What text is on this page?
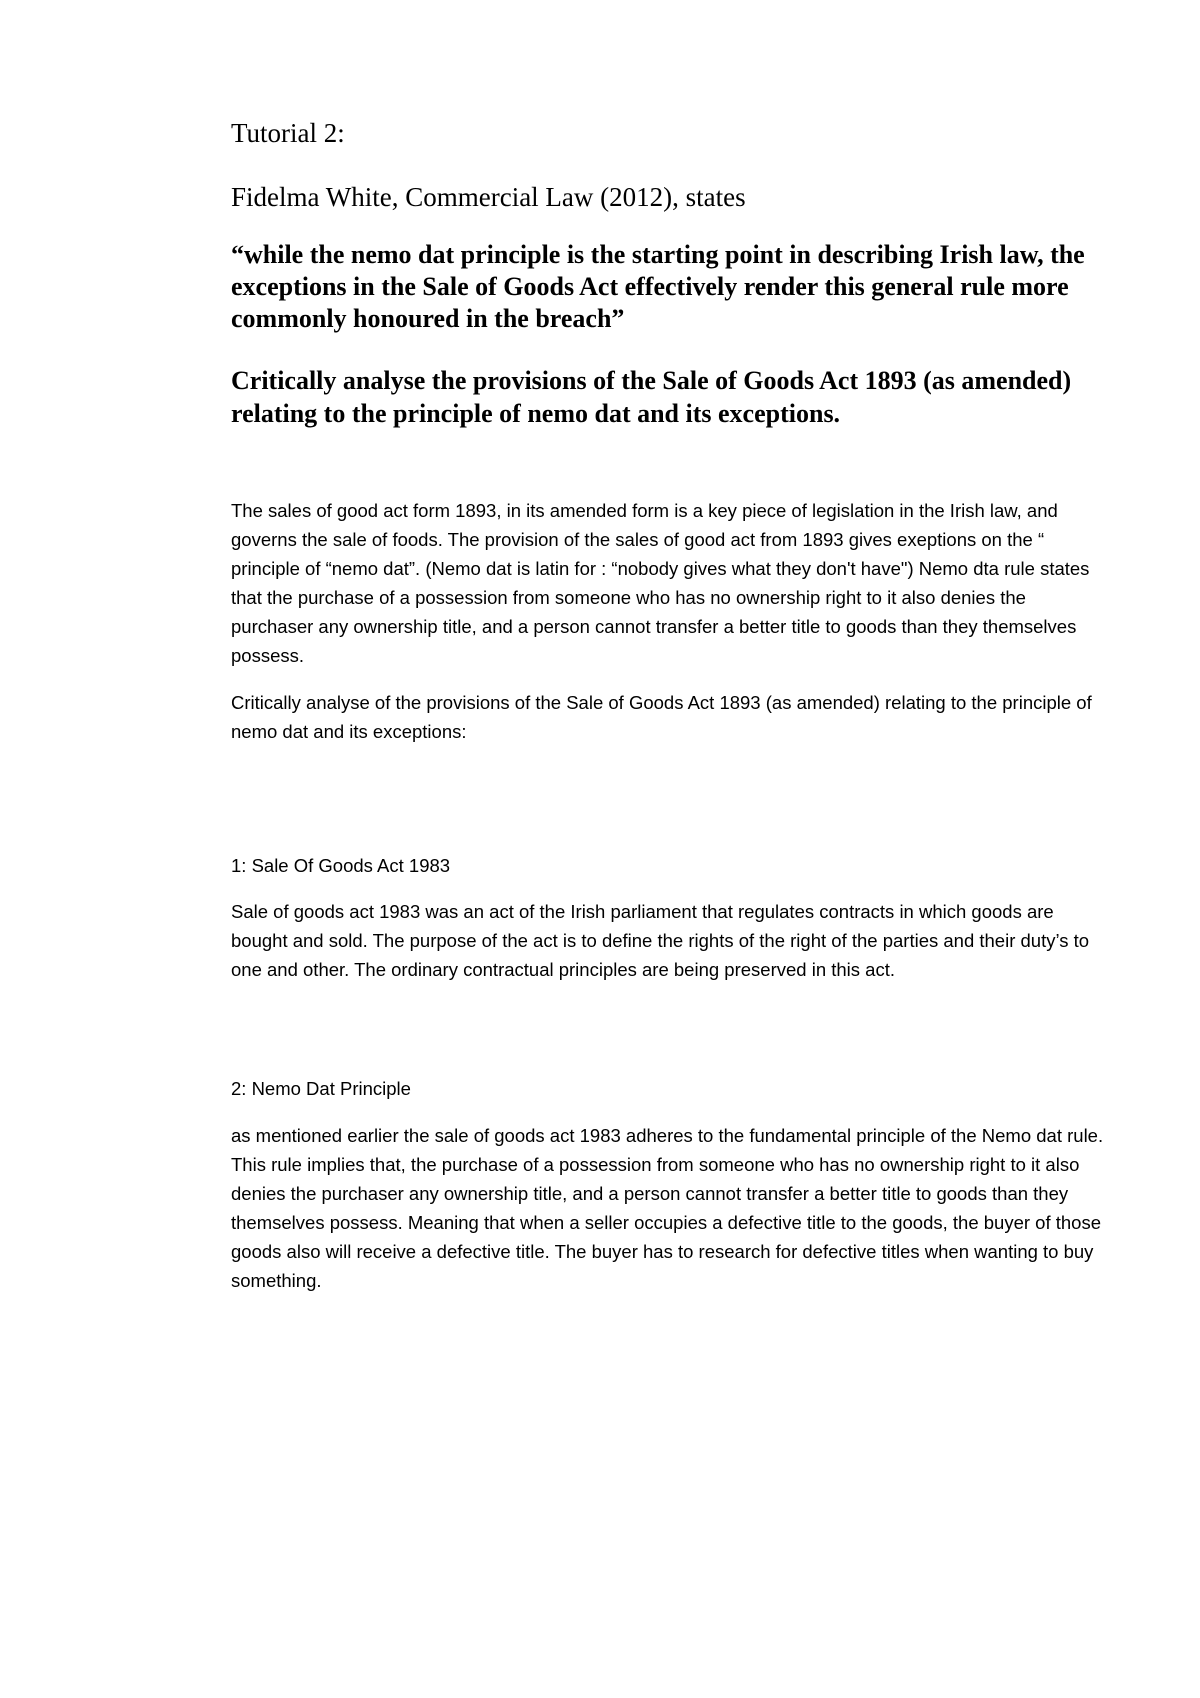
Tutorial 2:

Fidelma White, Commercial Law (2012), states

“while the nemo dat principle is the starting point in describing Irish law, the exceptions in the Sale of Goods Act effectively render this general rule more commonly honoured in the breach”

Critically analyse the provisions of the Sale of Goods Act 1893 (as amended) relating to the principle of nemo dat and its exceptions.

The sales of good act form 1893, in its amended form is a key piece of legislation in the Irish law, and governs the sale of foods. The provision of the sales of good act from 1893 gives exeptions on the “ principle of “nemo dat”. (Nemo dat is latin for : “nobody gives what they don't have") Nemo dta rule states that the purchase of a possession from someone who has no ownership right to it also denies the purchaser any ownership title, and a person cannot transfer a better title to goods than they themselves possess.

Critically analyse of the provisions of the Sale of Goods Act 1893 (as amended) relating to the principle of nemo dat and its exceptions:

1: Sale Of Goods Act 1983

Sale of goods act 1983 was an act of the Irish parliament that regulates contracts in which goods are bought and sold. The purpose of the act is to define the rights of the right of the parties and their duty’s to one and other. The ordinary contractual principles are being preserved in this act.

2: Nemo Dat Principle

as mentioned earlier the sale of goods act 1983 adheres to the fundamental principle of the Nemo dat rule. This rule implies that, the purchase of a possession from someone who has no ownership right to it also denies the purchaser any ownership title, and a person cannot transfer a better title to goods than they themselves possess. Meaning that when a seller occupies a defective title to the goods, the buyer of those goods also will receive a defective title. The buyer has to research for defective titles when wanting to buy something.
